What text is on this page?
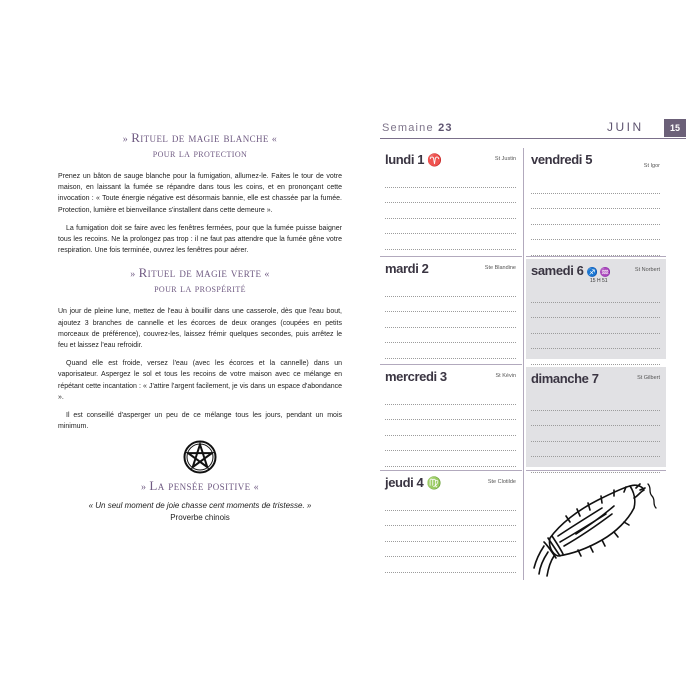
» Rituel de magie blanche «
pour la protection

Prenez un bâton de sauge blanche pour la fumigation, allumez-le. Faites le tour de votre maison, en laissant la fumée se répandre dans tous les coins, et en prononçant cette invocation : « Toute énergie négative est désormais bannie, elle est chassée par la fumée. Protection, lumière et bienveillance s'installent dans cette demeure ».

La fumigation doit se faire avec les fenêtres fermées, pour que la fumée puisse baigner tous les recoins. Ne la prolongez pas trop : il ne faut pas attendre que la fumée gêne votre respiration. Une fois terminée, ouvrez les fenêtres pour aérer.

» Rituel de magie verte «
pour la prospérité

Un jour de pleine lune, mettez de l'eau à bouillir dans une casserole, dès que l'eau bout, ajoutez 3 branches de cannelle et les écorces de deux oranges (coupées en petits morceaux de préférence), couvrez-les, laissez frémir quelques secondes, puis arrêtez le feu et laissez l'eau refroidir.

Quand elle est froide, versez l'eau (avec les écorces et la cannelle) dans un vaporisateur. Aspergez le sol et tous les recoins de votre maison avec ce mélange en répétant cette incantation : « J'attire l'argent facilement, je vis dans un espace d'abondance ».

Il est conseillé d'asperger un peu de ce mélange tous les jours, pendant un mois minimum.

» La pensée positive «
« Un seul moment de joie chasse cent moments de tristesse. »
Proverbe chinois
Semaine 23	JUIN	15
lundi 1 ♈	St Justin
mardi 2	Ste Blandine
mercredi 3	St Kévin
jeudi 4 ♍	Ste Clotilde
vendredi 5	St Igor
samedi 6 ♐ ♒
15 H 51
St Norbert
dimanche 7	St Gilbert
